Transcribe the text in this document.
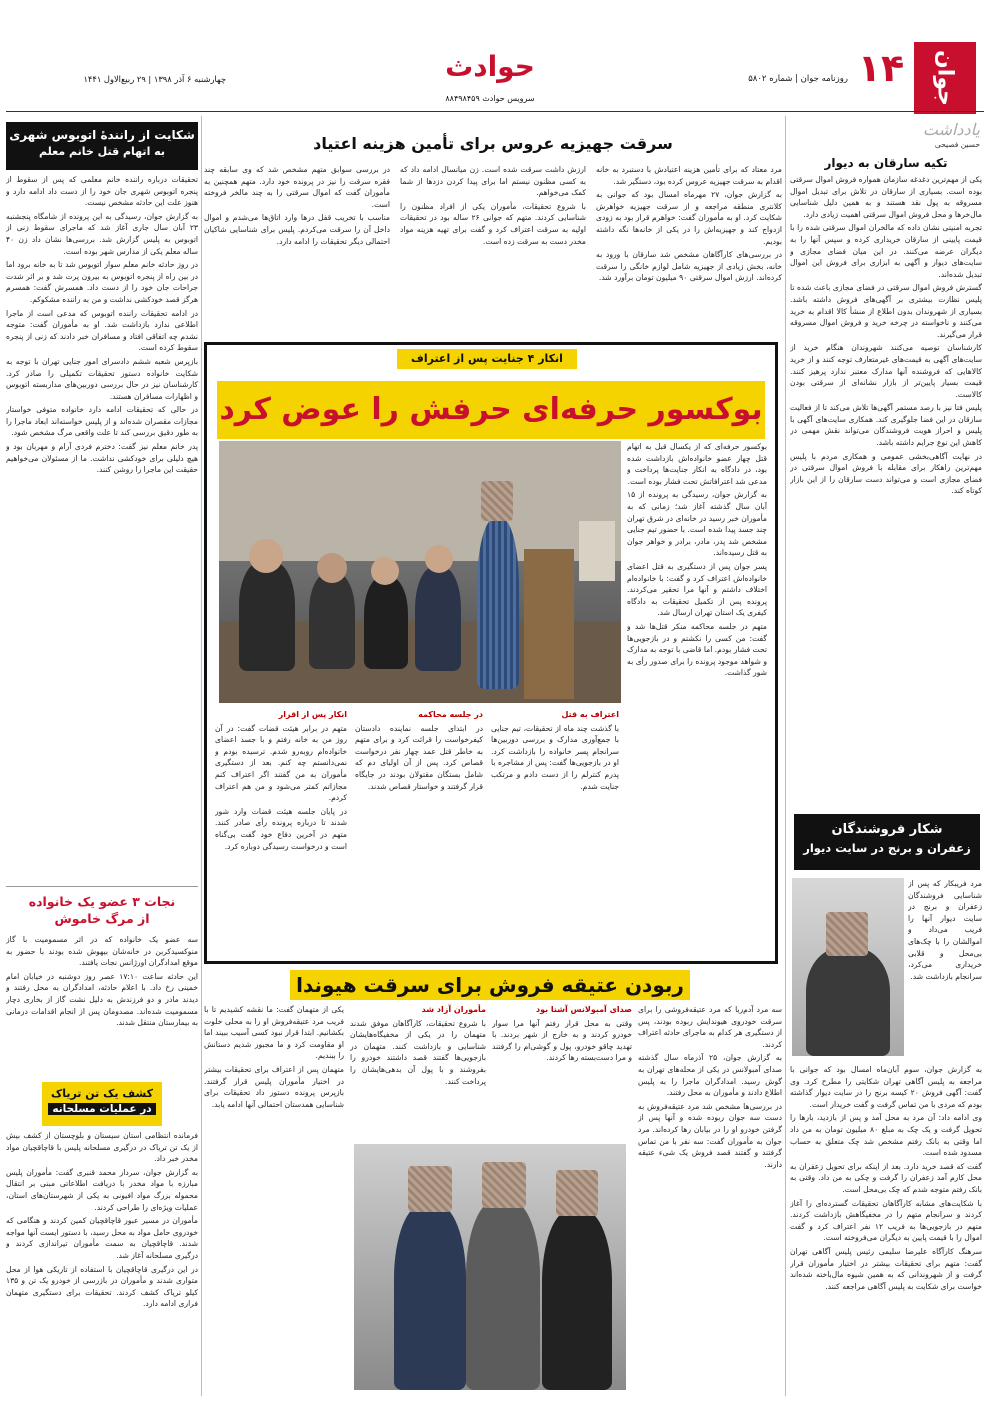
جوان
۱۴
روزنامه جوان | شماره ۵۸۰۲
حوادث
سرویس حوادث ۸۸۴۹۸۴۵۹
چهارشنبه ۶ آذر ۱۳۹۸ | ۲۹ ربیع‌الاول ۱۴۴۱
یادداشت
حسین فصیحی
تکیه سارقان به دیوار

یکی از مهم‌ترین دغدغه سازمان همواره فروش اموال سرقتی بوده است. بسیاری از سارقان در تلاش برای تبدیل اموال مسروقه به پول نقد هستند و به همین دلیل شناسایی مال‌خرها و محل فروش اموال سرقتی اهمیت زیادی دارد.

تجربه امنیتی نشان داده که مالخران اموال سرقتی شده را با قیمت پایینی از سارقان خریداری کرده و سپس آنها را به دیگران عرضه می‌کنند. در این میان فضای مجازی و سایت‌های دیوار و آگهی به ابزاری برای فروش این اموال تبدیل شده‌اند.

گسترش فروش اموال سرقتی در فضای مجازی باعث شده تا پلیس نظارت بیشتری بر آگهی‌های فروش داشته باشد. بسیاری از شهروندان بدون اطلاع از منشأ کالا اقدام به خرید می‌کنند و ناخواسته در چرخه خرید و فروش اموال مسروقه قرار می‌گیرند.

کارشناسان توصیه می‌کنند شهروندان هنگام خرید از سایت‌های آگهی به قیمت‌های غیرمتعارف توجه کنند و از خرید کالاهایی که فروشنده آنها مدارک معتبر ندارد پرهیز کنند. قیمت بسیار پایین‌تر از بازار نشانه‌ای از سرقتی بودن کالاست.

پلیس فتا نیز با رصد مستمر آگهی‌ها تلاش می‌کند تا از فعالیت سارقان در این فضا جلوگیری کند. همکاری سایت‌های آگهی با پلیس و احراز هویت فروشندگان می‌تواند نقش مهمی در کاهش این نوع جرایم داشته باشد.

در نهایت آگاهی‌بخشی عمومی و همکاری مردم با پلیس مهم‌ترین راهکار برای مقابله با فروش اموال سرقتی در فضای مجازی است و می‌تواند دست سارقان را از این بازار کوتاه کند.

سرقت جهیزیه عروس برای تأمین هزینه اعتیاد

مرد معتاد که برای تأمین هزینه اعتیادش با دستبرد به خانه اقدام به سرقت جهیزیه عروس کرده بود، دستگیر شد.

به گزارش جوان، ۲۷ مهرماه امسال بود که جوانی به کلانتری منطقه مراجعه و از سرقت جهیزیه خواهرش شکایت کرد. او به مأموران گفت: خواهرم قرار بود به زودی ازدواج کند و جهیزیه‌اش را در یکی از خانه‌ها نگه داشته بودیم.

در بررسی‌های کارآگاهان مشخص شد سارقان با ورود به خانه، بخش زیادی از جهیزیه شامل لوازم خانگی را سرقت کرده‌اند. ارزش اموال سرقتی ۹۰ میلیون تومان برآورد شد.

ارزش داشت سرقت شده است. زن میانسال ادامه داد که به کسی مظنون نیستم اما برای پیدا کردن دزدها از شما کمک می‌خواهم.

با شروع تحقیقات، مأموران یکی از افراد مظنون را شناسایی کردند. متهم که جوانی ۲۶ ساله بود در تحقیقات اولیه به سرقت اعتراف کرد و گفت برای تهیه هزینه مواد مخدر دست به سرقت زده است.

در بررسی سوابق متهم مشخص شد که وی سابقه چند فقره سرقت را نیز در پرونده خود دارد. متهم همچنین به مأموران گفت که اموال سرقتی را به چند مالخر فروخته است.

مناسب با تخریب قفل در‌ها وارد اتاق‌ها می‌شدم و اموال داخل آن را سرقت می‌کردم. پلیس برای شناسایی شاکیان احتمالی دیگر تحقیقات را ادامه دارد.

انکار ۴ جنایت پس از اعتراف
بوکسور حرفه‌ای حرفش را عوض کرد

بوکسور حرفه‌ای که از یکسال قبل به اتهام قتل چهار عضو خانواده‌اش بازداشت شده بود، در دادگاه به انکار جنایت‌ها پرداخت و مدعی شد اعترافاتش تحت فشار بوده است.

به گزارش جوان، رسیدگی به پرونده از ۱۵ آبان سال گذشته آغاز شد؛ زمانی که به مأموران خبر رسید در خانه‌ای در شرق تهران چند جسد پیدا شده است. با حضور تیم جنایی مشخص شد پدر، مادر، برادر و خواهر جوان به قتل رسیده‌اند.

پسر جوان پس از دستگیری به قتل اعضای خانواده‌اش اعتراف کرد و گفت: با خانواده‌ام اختلاف داشتم و آنها مرا تحقیر می‌کردند. پرونده پس از تکمیل تحقیقات به دادگاه کیفری یک استان تهران ارسال شد.

متهم در جلسه محاکمه منکر قتل‌ها شد و گفت: من کسی را نکشتم و در بازجویی‌ها تحت فشار بودم. اما قاضی با توجه به مدارک و شواهد موجود پرونده را برای صدور رأی به شور گذاشت.

اعتراف به قتل

با گذشت چند ماه از تحقیقات، تیم جنایی با جمع‌آوری مدارک و بررسی دوربین‌ها سرانجام پسر خانواده را بازداشت کرد. او در بازجویی‌ها گفت: پس از مشاجره با پدرم کنترلم را از دست دادم و مرتکب جنایت شدم.

در جلسه محاکمه

در ابتدای جلسه نماینده دادستان کیفرخواست را قرائت کرد و برای متهم به خاطر قتل عمد چهار نفر درخواست قصاص کرد. پس از آن اولیای دم که شامل بستگان مقتولان بودند در جایگاه قرار گرفتند و خواستار قصاص شدند.

انکار پس از اقرار

متهم در برابر هیئت قضات گفت: در آن روز من به خانه رفتم و با جسد اعضای خانواده‌ام روبه‌رو شدم. ترسیده بودم و نمی‌دانستم چه کنم. بعد از دستگیری مأموران به من گفتند اگر اعتراف کنم مجازاتم کمتر می‌شود و من هم اعتراف کردم.

در پایان جلسه هیئت قضات وارد شور شدند تا درباره پرونده رأی صادر کنند. متهم در آخرین دفاع خود گفت بی‌گناه است و درخواست رسیدگی دوباره کرد.

شکار فروشندگان
زعفران و برنج در سایت دیوار

مرد فریبکار که پس از شناسایی فروشندگان زعفران و برنج در سایت دیوار آنها را فریب می‌داد و اموالشان را با چک‌های بی‌محل و قلابی خریداری می‌کرد، سرانجام بازداشت شد.

به گزارش جوان، سوم آبان‌ماه امسال بود که جوانی با مراجعه به پلیس آگاهی تهران شکایتی را مطرح کرد. وی گفت: آگهی فروش ۲۰ کیسه برنج را در سایت دیوار گذاشته بودم که مردی با من تماس گرفت و گفت خریدار است.

وی ادامه داد: آن مرد به محل آمد و پس از بازدید، بارها را تحویل گرفت و یک چک به مبلغ ۸۰ میلیون تومان به من داد اما وقتی به بانک رفتم مشخص شد چک متعلق به حساب مسدود شده است.

گفت که قصد خرید دارد. بعد از اینکه برای تحویل زعفران به محل کارم آمد زعفران را گرفت و چکی به من داد. وقتی به بانک رفتم متوجه شدم که چک بی‌محل است.

با شکایت‌های مشابه کارآگاهان تحقیقات گسترده‌ای را آغاز کردند و سرانجام متهم را در مخفیگاهش بازداشت کردند. متهم در بازجویی‌ها به فریب ۱۲ نفر اعتراف کرد و گفت اموال را با قیمت پایین به دیگران می‌فروخته است.

سرهنگ کارآگاه علیرضا سلیمی رئیس پلیس آگاهی تهران گفت: متهم برای تحقیقات بیشتر در اختیار مأموران قرار گرفت و از شهروندانی که به همین شیوه مال‌باخته شده‌اند خواست برای شکایت به پلیس آگاهی مراجعه کنند.

ربودن عتیقه فروش برای سرقت هیوندا

سه مرد آدم‌ربا که مرد عتیقه‌فروشی را برای سرقت خودروی هیوندایش ربوده بودند، پس از دستگیری هر کدام به ماجرای حادثه اعتراف کردند.

به گزارش جوان، ۲۵ آذرماه سال گذشته صدای آمبولانس در یکی از محله‌های تهران به گوش رسید. امدادگران ماجرا را به پلیس اطلاع دادند و مأموران به محل رفتند.

در بررسی‌ها مشخص شد مرد عتیقه‌فروش به دست سه جوان ربوده شده و آنها پس از گرفتن خودرو او را در بیابان رها کرده‌اند. مرد جوان به مأموران گفت: سه نفر با من تماس گرفتند و گفتند قصد فروش یک شیء عتیقه دارند.

صدای آمبولانس آشنا بود

وقتی به محل قرار رفتم آنها مرا سوار خودرو کردند و به خارج از شهر بردند. با تهدید چاقو خودرو، پول و گوشی‌ام را گرفتند و مرا دست‌بسته رها کردند.

مأموران آزاد شد

با شروع تحقیقات، کارآگاهان موفق شدند متهمان را در یکی از مخفیگاه‌هایشان شناسایی و بازداشت کنند. متهمان در بازجویی‌ها گفتند قصد داشتند خودرو را بفروشند و با پول آن بدهی‌هایشان را پرداخت کنند.

یکی از متهمان گفت: ما نقشه کشیدیم تا با فریب مرد عتیقه‌فروش او را به محلی خلوت بکشانیم. ابتدا قرار نبود کسی آسیب ببیند اما او مقاومت کرد و ما مجبور شدیم دستانش را ببندیم.

متهمان پس از اعتراف برای تحقیقات بیشتر در اختیار مأموران پلیس قرار گرفتند. بازپرس پرونده دستور داد تحقیقات برای شناسایی همدستان احتمالی آنها ادامه یابد.

شکایت از رانندهٔ اتوبوس شهری
به اتهام قتل خانم معلم

تحقیقات درباره راننده خانم معلمی که پس از سقوط از پنجره اتوبوس شهری جان خود را از دست داد ادامه دارد و هنوز علت این حادثه مشخص نیست.

به گزارش جوان، رسیدگی به این پرونده از شامگاه پنجشنبه ۲۳ آبان سال جاری آغاز شد که ماجرای سقوط زنی از اتوبوس به پلیس گزارش شد. بررسی‌ها نشان داد زن ۴۰ ساله معلم یکی از مدارس شهر بوده است.

در روز حادثه خانم معلم سوار اتوبوس شد تا به خانه برود اما در بین راه از پنجره اتوبوس به بیرون پرت شد و بر اثر شدت جراحات جان خود را از دست داد. همسرش گفت: همسرم هرگز قصد خودکشی نداشت و من به راننده مشکوکم.

در ادامه تحقیقات راننده اتوبوس که مدعی است از ماجرا اطلاعی ندارد بازداشت شد. او به مأموران گفت: متوجه نشدم چه اتفاقی افتاد و مسافران خبر دادند که زنی از پنجره سقوط کرده است.

بازپرس شعبه ششم دادسرای امور جنایی تهران با توجه به شکایت خانواده دستور تحقیقات تکمیلی را صادر کرد. کارشناسان نیز در حال بررسی دوربین‌های مداربسته اتوبوس و اظهارات مسافران هستند.

در حالی که تحقیقات ادامه دارد خانواده متوفی خواستار مجازات مقصران شده‌اند و از پلیس خواسته‌اند ابعاد ماجرا را به طور دقیق بررسی کند تا علت واقعی مرگ مشخص شود.

پدر خانم معلم نیز گفت: دخترم فردی آرام و مهربان بود و هیچ دلیلی برای خودکشی نداشت. ما از مسئولان می‌خواهیم حقیقت این ماجرا را روشن کنند.

نجات ۳ عضو یک خانواده
از مرگ خاموش

سه عضو یک خانواده که در اثر مسمومیت با گاز منوکسیدکربن در خانه‌شان بیهوش شده بودند با حضور به موقع امدادگران اورژانس نجات یافتند.

این حادثه ساعت ۱۷:۱۰ عصر روز دوشنبه در خیابان امام خمینی رخ داد. با اعلام حادثه، امدادگران به محل رفتند و دیدند مادر و دو فرزندش به دلیل نشت گاز از بخاری دچار مسمومیت شده‌اند. مصدومان پس از انجام اقدامات درمانی به بیمارستان منتقل شدند.

کشف یک تن تریاک
در عملیات مسلحانه

فرمانده انتظامی استان سیستان و بلوچستان از کشف بیش از یک تن تریاک در درگیری مسلحانه پلیس با قاچاقچیان مواد مخدر خبر داد.

به گزارش جوان، سردار محمد قنبری گفت: مأموران پلیس مبارزه با مواد مخدر با دریافت اطلاعاتی مبنی بر انتقال محموله بزرگ مواد افیونی به یکی از شهرستان‌های استان، عملیات ویژه‌ای را طراحی کردند.

مأموران در مسیر عبور قاچاقچیان کمین کردند و هنگامی که خودروی حامل مواد به محل رسید، با دستور ایست آنها مواجه شدند. قاچاقچیان به سمت مأموران تیراندازی کردند و درگیری مسلحانه آغاز شد.

در این درگیری قاچاقچیان با استفاده از تاریکی هوا از محل متواری شدند و مأموران در بازرسی از خودرو یک تن و ۱۳۵ کیلو تریاک کشف کردند. تحقیقات برای دستگیری متهمان فراری ادامه دارد.
